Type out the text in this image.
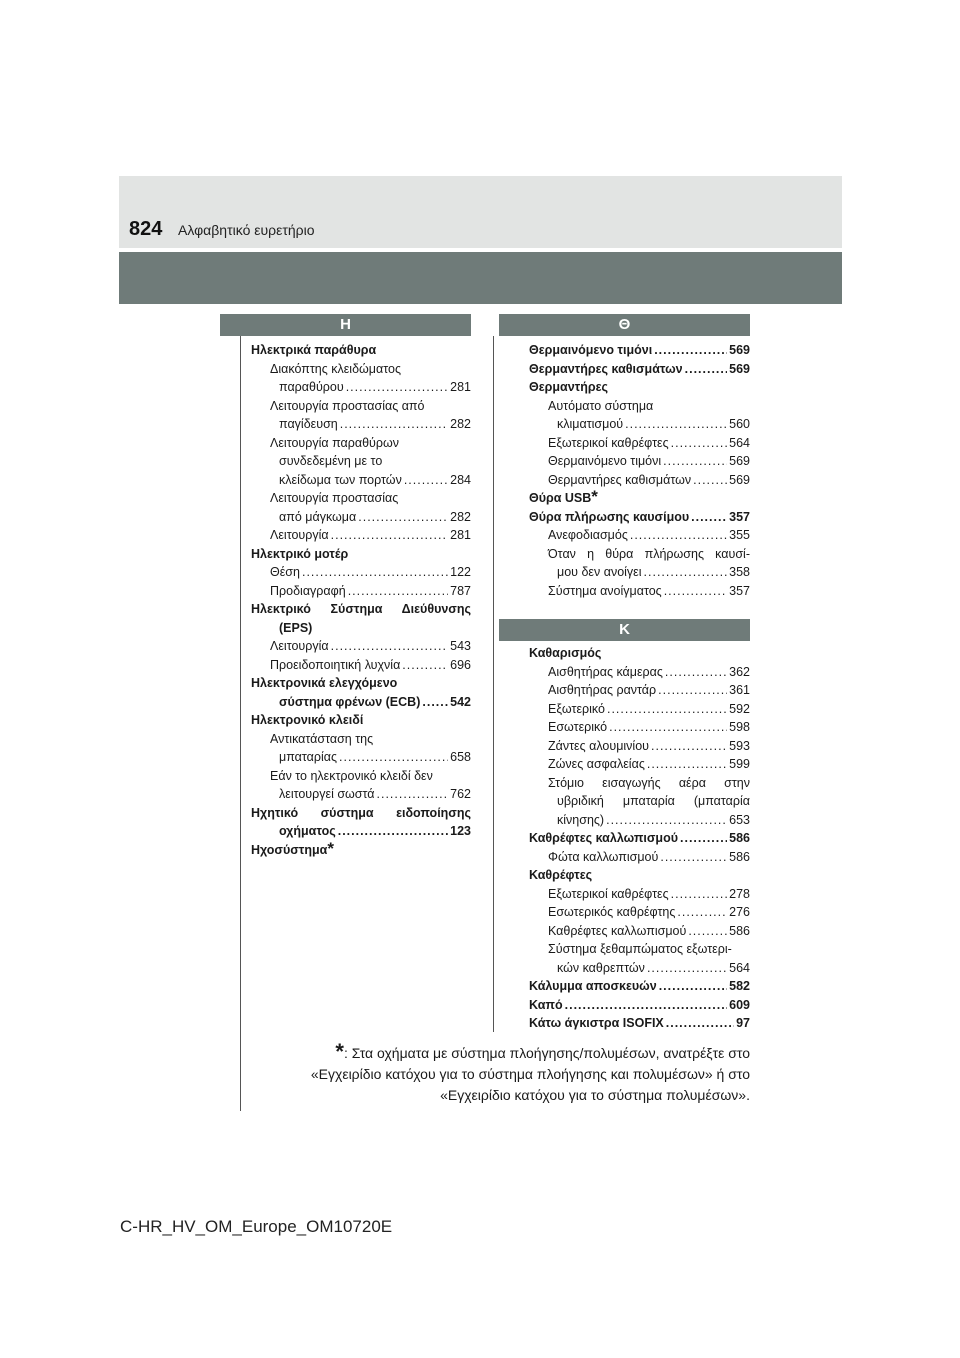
824 Αλφαβητικό ευρετήριο
Η	Θ
Κ
Ηλεκτρικά παράθυρα
Διακόπτης κλειδώματος
παραθύρου .....	281
Λειτουργία προστασίας από
παγίδευση .....	282
Λειτουργία παραθύρων
συνδεδεμένη με το
κλείδωμα των πορτών .....	284
Λειτουργία προστασίας
από μάγκωμα .....	282
Λειτουργία .....	281
Ηλεκτρικό μοτέρ
Θέση .....	122
Προδιαγραφή .....	787
Ηλεκτρικό Σύστημα Διεύθυνσης
(EPS)
Λειτουργία .....	543
Προειδοποιητική λυχνία .....	696
Ηλεκτρονικά ελεγχόμενο
σύστημα φρένων (ECB) ..... 542
Ηλεκτρονικό κλειδί
Αντικατάσταση της
μπαταρίας .....	658
Εάν το ηλεκτρονικό κλειδί δεν
λειτουργεί σωστά .....	762
Ηχητικό σύστημα ειδοποίησης
οχήματος .....	123
Ηχοσύστημα *
Θερμαινόμενο τιμόνι .....	569
Θερμαντήρες καθισμάτων .....	569
Θερμαντήρες
Αυτόματο σύστημα
κλιματισμού .....	560
Εξωτερικοί καθρέφτες .....	564
Θερμαινόμενο τιμόνι .....	569
Θερμαντήρες καθισμάτων .....	569
Θύρα USB *
Θύρα πλήρωσης καυσίμου .....	357
Ανεφοδιασμός .....	355
Όταν η θύρα πλήρωσης καυσί-
μου δεν ανοίγει .....	358
Σύστημα ανοίγματος .....	357
Καθαρισμός
Αισθητήρας κάμερας .....	362
Αισθητήρας ραντάρ .....	361
Εξωτερικό .....	592
Εσωτερικό .....	598
Ζάντες αλουμινίου .....	593
Ζώνες ασφαλείας .....	599
Στόμιο εισαγωγής αέρα στην
υβριδική μπαταρία (μπαταρία
κίνησης) .....	653
Καθρέφτες καλλωπισμού .....	586
Φώτα καλλωπισμού .....	586
Καθρέφτες
Εξωτερικοί καθρέφτες .....	278
Εσωτερικός καθρέφτης .....	276
Καθρέφτες καλλωπισμού .....	586
Σύστημα ξεθαμπώματος εξωτερι-
κών καθρεπτών .....	564
Κάλυμμα αποσκευών .....	582
Καπό .....	609
Κάτω άγκιστρα ISOFIX .....	97
*: Στα οχήματα με σύστημα πλοήγησης/πολυμέσων, ανατρέξτε στο
«Εγχειρίδιο κατόχου για το σύστημα πλοήγησης και πολυμέσων» ή στο
«Εγχειρίδιο κατόχου για το σύστημα πολυμέσων».
C-HR_HV_OM_Europe_OM10720E
